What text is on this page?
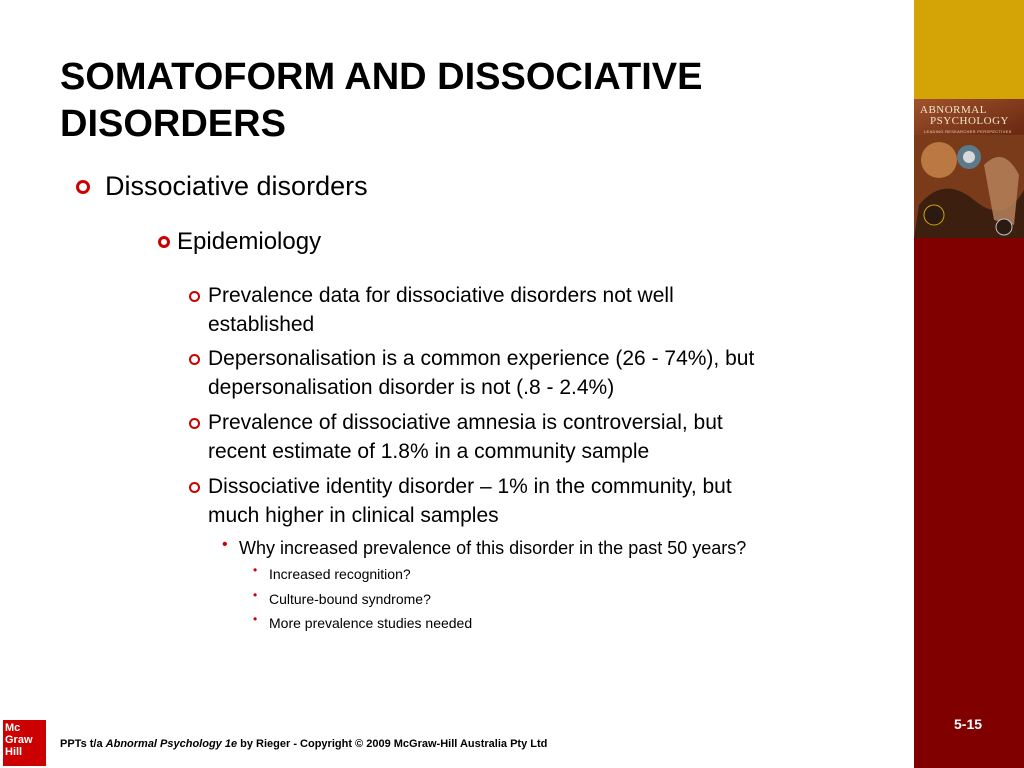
ABNORMAL
PSYCHOLOGY
LEADING RESEARCHER PERSPECTIVES
SOMATOFORM AND DISSOCIATIVE DISORDERS
Dissociative disorders
Epidemiology
Prevalence data for dissociative disorders not well
established
Depersonalisation is a common experience (26 - 74%), but
depersonalisation disorder is not (.8 - 2.4%)
Prevalence of dissociative amnesia is controversial, but
recent estimate of 1.8% in a community sample
Dissociative identity disorder – 1% in the community, but
much higher in clinical samples
• Why increased prevalence of this disorder in the past 50 years?
• Increased recognition?
• Culture-bound syndrome?
• More prevalence studies needed
Mc
Graw
Hill
PPTs t/a Abnormal Psychology 1e by Rieger - Copyright © 2009 McGraw-Hill Australia Pty Ltd
5-15
